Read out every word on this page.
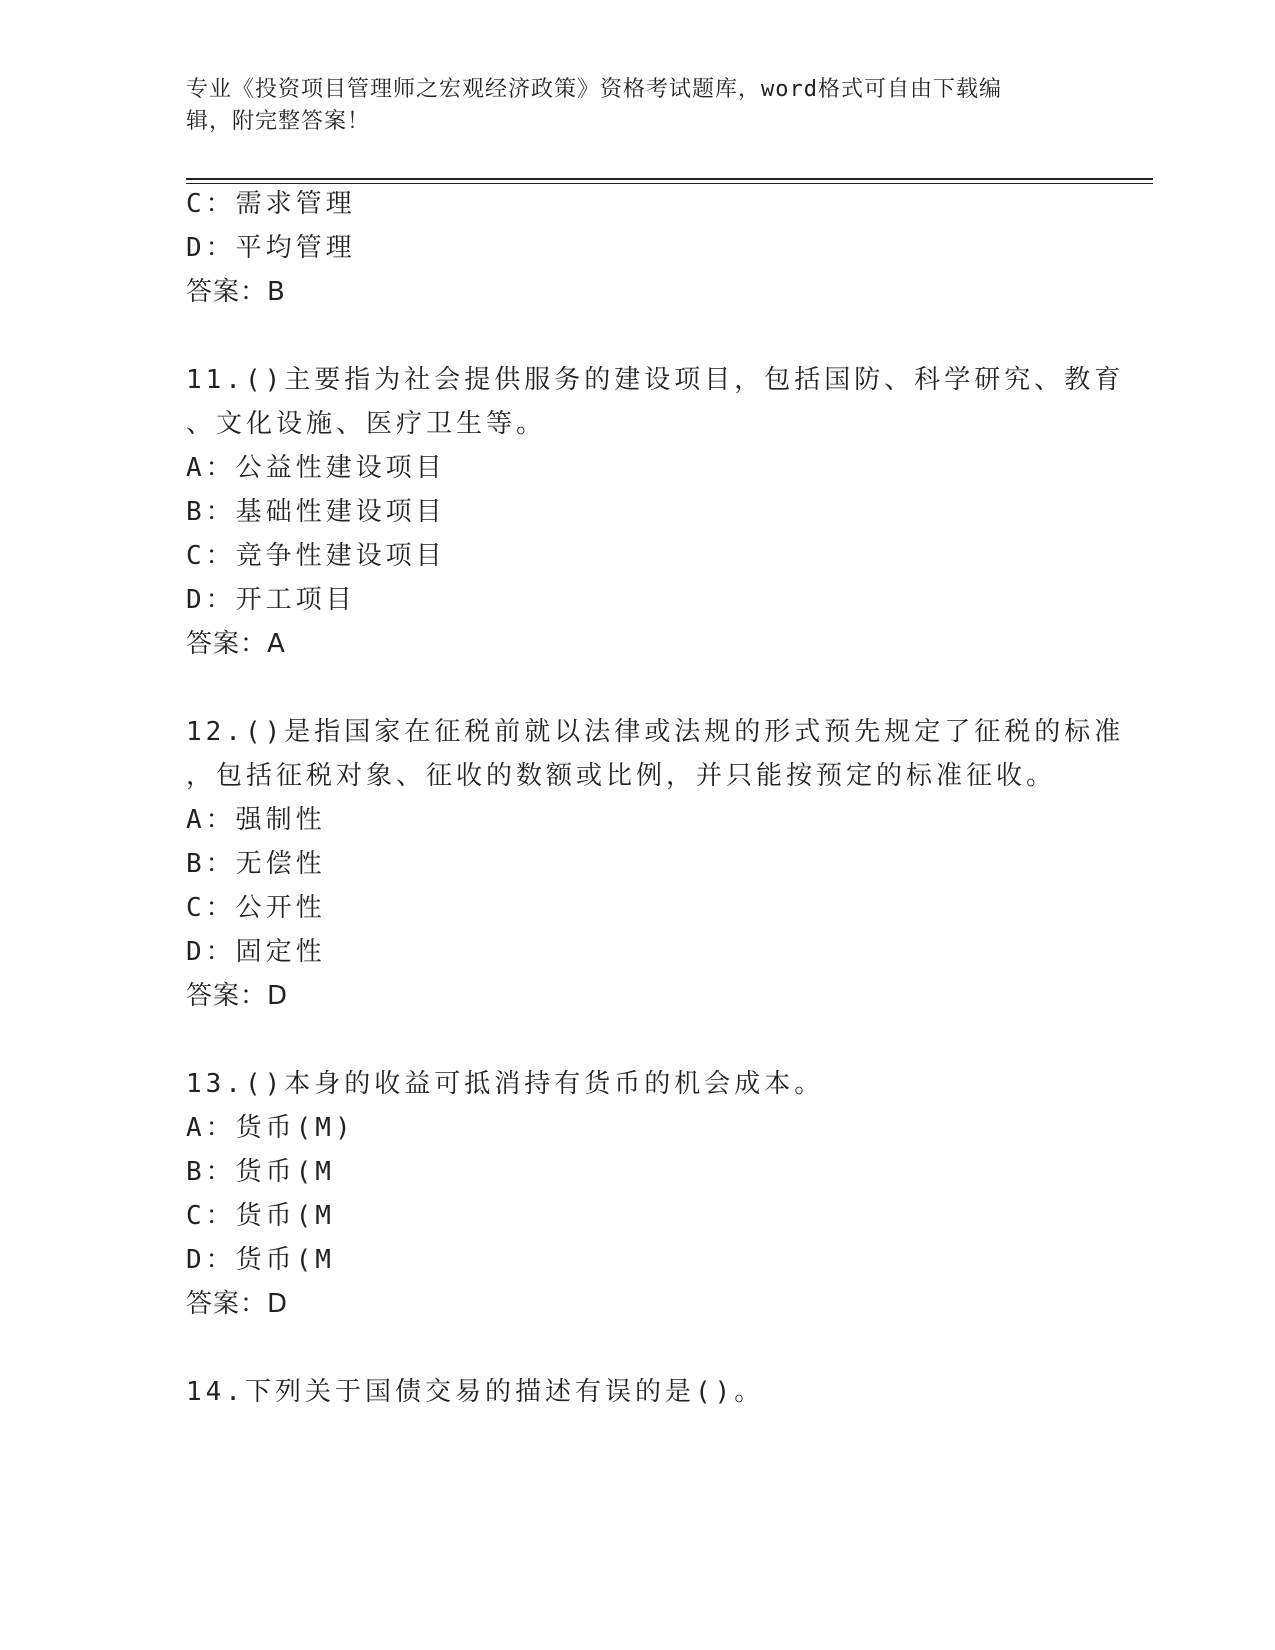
专业《投资项目管理师之宏观经济政策》资格考试题库，word格式可自由下载编
辑，附完整答案！
C：需求管理
D：平均管理
答案：B
11.()主要指为社会提供服务的建设项目，包括国防、科学研究、教育
、文化设施、医疗卫生等。
A：公益性建设项目
B：基础性建设项目
C：竞争性建设项目
D：开工项目
答案：A
12.()是指国家在征税前就以法律或法规的形式预先规定了征税的标准
，包括征税对象、征收的数额或比例，并只能按预定的标准征收。
A：强制性
B：无偿性
C：公开性
D：固定性
答案：D
13.()本身的收益可抵消持有货币的机会成本。
A：货币(M)
B：货币(M
C：货币(M
D：货币(M
答案：D
14.下列关于国债交易的描述有误的是()。
